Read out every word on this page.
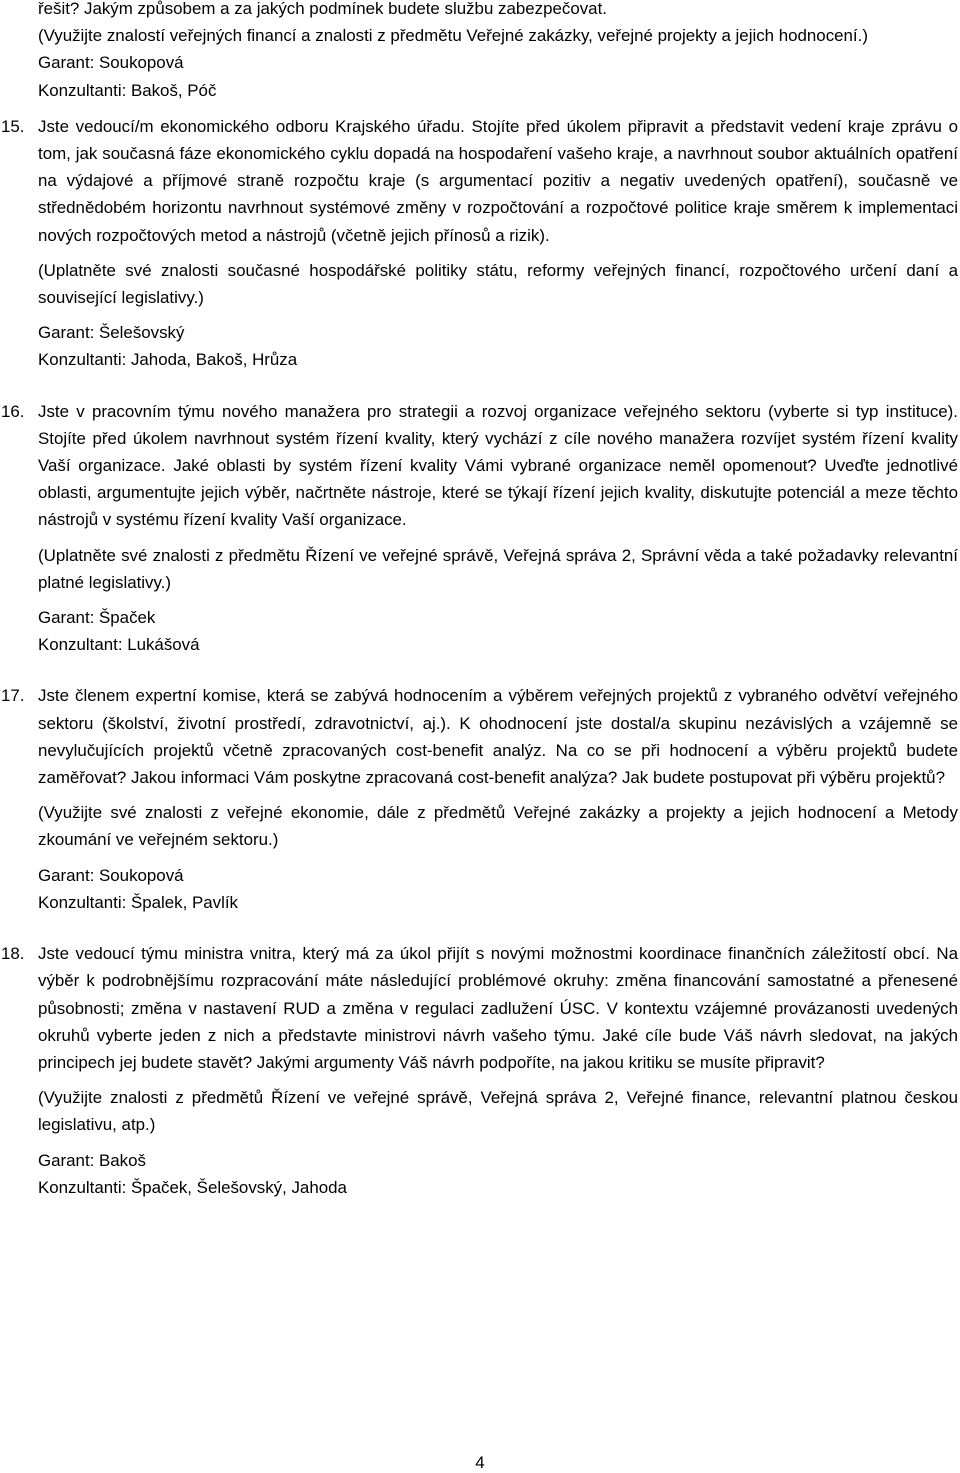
řešit? Jakým způsobem a za jakých podmínek budete službu zabezpečovat.

(Využijte znalostí veřejných financí a znalosti z předmětu Veřejné zakázky, veřejné projekty a jejich hodnocení.)

Garant: Soukopová

Konzultanti: Bakoš, Póč

15. Jste vedoucí/m ekonomického odboru Krajského úřadu. Stojíte před úkolem připravit a představit vedení kraje zprávu o tom, jak současná fáze ekonomického cyklu dopadá na hospodaření vašeho kraje, a navrhnout soubor aktuálních opatření na výdajové a příjmové straně rozpočtu kraje (s argumentací pozitiv a negativ uvedených opatření), současně ve střednědobém horizontu navrhnout systémové změny v rozpočtování a rozpočtové politice kraje směrem k implementaci nových rozpočtových metod a nástrojů (včetně jejich přínosů a rizik).

(Uplatněte své znalosti současné hospodářské politiky státu, reformy veřejných financí, rozpočtového určení daní a související legislativy.)

Garant: Šelešovský

Konzultanti: Jahoda, Bakoš, Hrůza

16. Jste v pracovním týmu nového manažera pro strategii a rozvoj organizace veřejného sektoru (vyberte si typ instituce). Stojíte před úkolem navrhnout systém řízení kvality, který vychází z cíle nového manažera rozvíjet systém řízení kvality Vaší organizace. Jaké oblasti by systém řízení kvality Vámi vybrané organizace neměl opomenout? Uveďte jednotlivé oblasti, argumentujte jejich výběr, načrtněte nástroje, které se týkají řízení jejich kvality, diskutujte potenciál a meze těchto nástrojů v systému řízení kvality Vaší organizace.

(Uplatněte své znalosti z předmětu Řízení ve veřejné správě, Veřejná správa 2, Správní věda a také požadavky relevantní platné legislativy.)

Garant: Špaček

Konzultant: Lukášová

17. Jste členem expertní komise, která se zabývá hodnocením a výběrem veřejných projektů z vybraného odvětví veřejného sektoru (školství, životní prostředí, zdravotnictví, aj.). K ohodnocení jste dostal/a skupinu nezávislých a vzájemně se nevylučujících projektů včetně zpracovaných cost-benefit analýz. Na co se při hodnocení a výběru projektů budete zaměřovat? Jakou informaci Vám poskytne zpracovaná cost-benefit analýza? Jak budete postupovat při výběru projektů?

(Využijte své znalosti z veřejné ekonomie, dále z předmětů Veřejné zakázky a projekty a jejich hodnocení a Metody zkoumání ve veřejném sektoru.)

Garant: Soukopová

Konzultanti: Špalek, Pavlík

18. Jste vedoucí týmu ministra vnitra, který má za úkol přijít s novými možnostmi koordinace finančních záležitostí obcí. Na výběr k podrobnějšímu rozpracování máte následující problémové okruhy: změna financování samostatné a přenesené působnosti; změna v nastavení RUD a změna v regulaci zadlužení ÚSC. V kontextu vzájemné provázanosti uvedených okruhů vyberte jeden z nich a představte ministrovi návrh vašeho týmu. Jaké cíle bude Váš návrh sledovat, na jakých principech jej budete stavět? Jakými argumenty Váš návrh podpoříte, na jakou kritiku se musíte připravit?

(Využijte znalosti z předmětů Řízení ve veřejné správě, Veřejná správa 2, Veřejné finance, relevantní platnou českou legislativu, atp.)

Garant: Bakoš

Konzultanti: Špaček, Šelešovský, Jahoda

4
